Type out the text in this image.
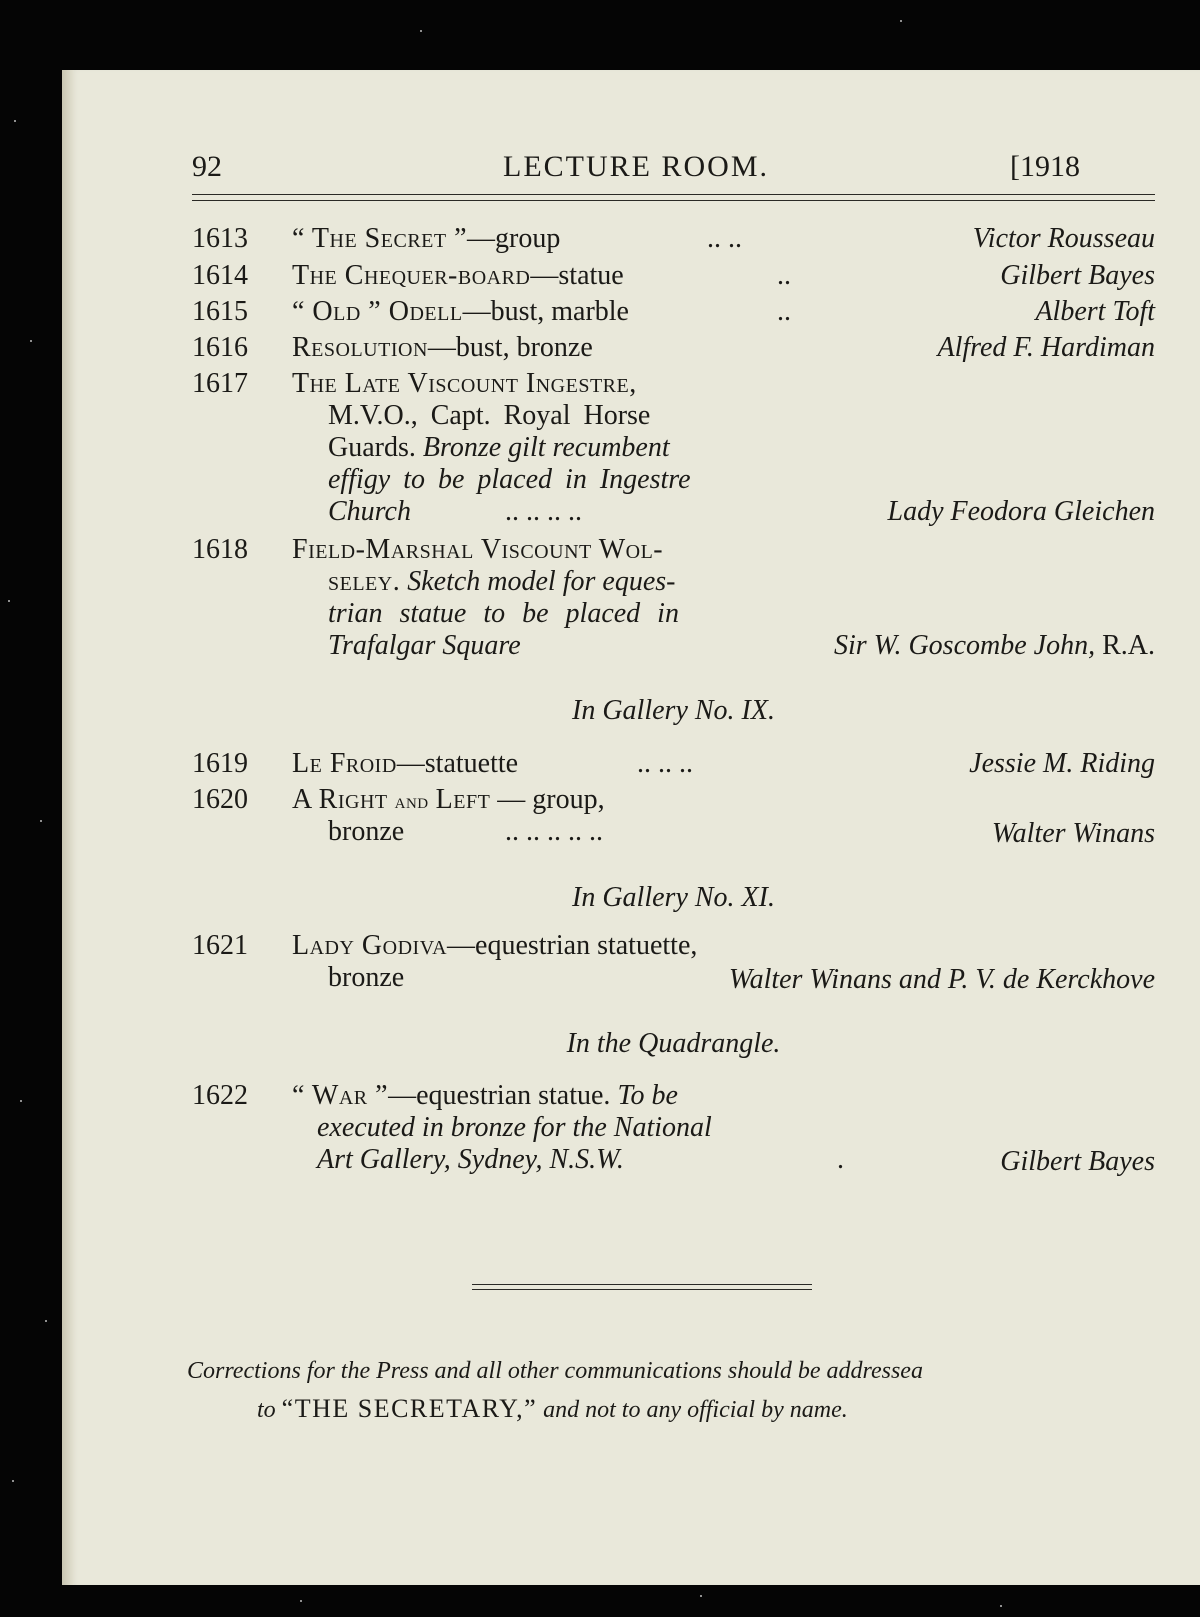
92	LECTURE ROOM.	[1918
1613 “ The Secret ”—group	.. ..	Victor Rousseau
1614 The Chequer-board—statue	..	Gilbert Bayes
1615 “ Old ” Odell—bust, marble	..	Albert Toft
1616 Resolution—bust, bronze	Alfred F. Hardiman
1617 The Late Viscount Ingestre,
M.V.O., Capt. Royal Horse
Guards. Bronze gilt recumbent
effigy to be placed in Ingestre
Church	.. .. .. ..	Lady Feodora Gleichen
1618 Field-Marshal Viscount Wol-
seley. Sketch model for eques-
trian statue to be placed in
Trafalgar Square	Sir W. Goscombe John, R.A.
In Gallery No. IX.
1619 Le Froid—statuette	.. .. ..	Jessie M. Riding
1620 A Right and Left — group,
bronze	.. .. .. .. ..	Walter Winans
In Gallery No. XI.
1621 Lady Godiva—equestrian statuette,
bronze	Walter Winans and P. V. de Kerckhove
In the Quadrangle.
1622 “ War ”—equestrian statue. To be
executed in bronze for the National
Art Gallery, Sydney, N.S.W.	.	Gilbert Bayes
Corrections for the Press and all other communications should be addressea
to “THE SECRETARY,” and not to any official by name.
